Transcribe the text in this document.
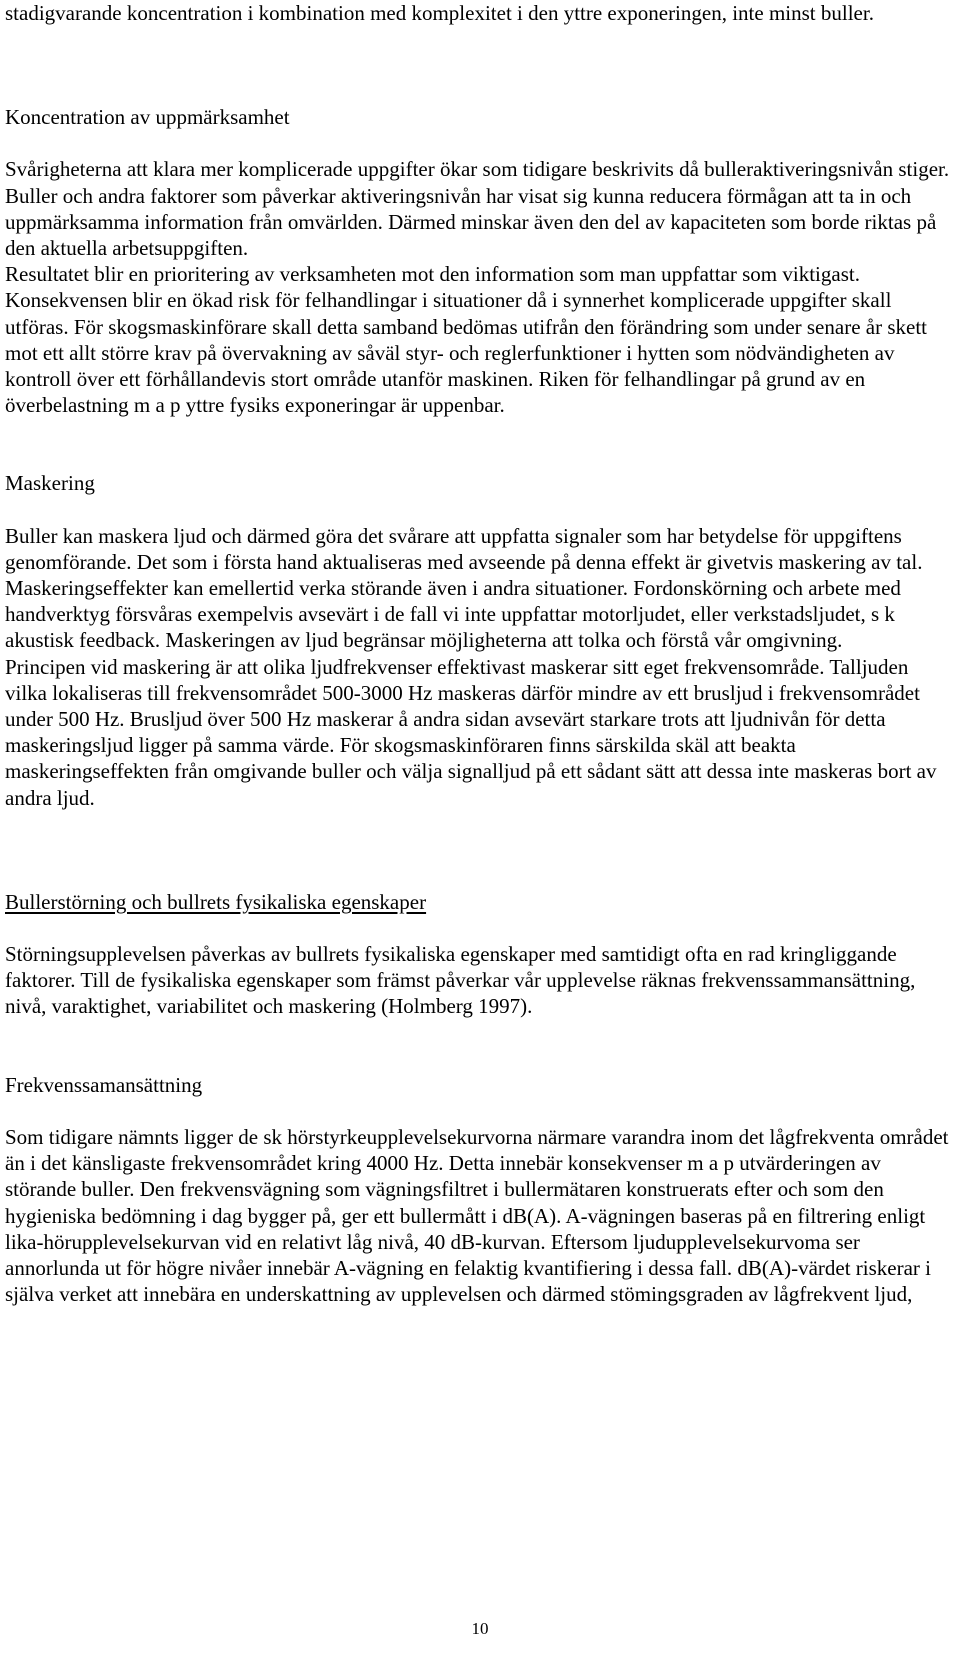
stadigvarande koncentration i kombination med komplexitet i den yttre exponeringen, inte minst buller.

Koncentration av uppmärksamhet

Svårigheterna att klara mer komplicerade uppgifter ökar som tidigare beskrivits då bulleraktiveringsnivån stiger. Buller och andra faktorer som påverkar aktiveringsnivån har visat sig kunna reducera förmågan att ta in och uppmärksamma information från omvärlden. Därmed minskar även den del av kapaciteten som borde riktas på den aktuella arbetsuppgiften.

Resultatet blir en prioritering av verksamheten mot den information som man uppfattar som viktigast. Konsekvensen blir en ökad risk för felhandlingar i situationer då i synnerhet komplicerade uppgifter skall utföras. För skogsmaskinförare skall detta samband bedömas utifrån den förändring som under senare år skett mot ett allt större krav på övervakning av såväl styr- och reglerfunktioner i hytten som nödvändigheten av kontroll över ett förhållandevis stort område utanför maskinen. Riken för felhandlingar på grund av en överbelastning m a p yttre fysiks exponeringar är uppenbar.

Maskering

Buller kan maskera ljud och därmed göra det svårare att uppfatta signaler som har betydelse för uppgiftens genomförande. Det som i första hand aktualiseras med avseende på denna effekt är givetvis maskering av tal. Maskeringseffekter kan emellertid verka störande även i andra situationer. Fordonskörning och arbete med handverktyg försvåras exempelvis avsevärt i de fall vi inte uppfattar motorljudet, eller verkstadsljudet, s k akustisk feedback. Maskeringen av ljud begränsar möjligheterna att tolka och förstå vår omgivning.

Principen vid maskering är att olika ljudfrekvenser effektivast maskerar sitt eget frekvensområde. Talljuden vilka lokaliseras till frekvensområdet 500-3000 Hz maskeras därför mindre av ett brusljud i frekvensområdet under 500 Hz. Brusljud över 500 Hz maskerar å andra sidan avsevärt starkare trots att ljudnivån för detta maskeringsljud ligger på samma värde. För skogsmaskinföraren finns särskilda skäl att beakta maskeringseffekten från omgivande buller och välja signalljud på ett sådant sätt att dessa inte maskeras bort av andra ljud.

Bullerstörning och bullrets fysikaliska egenskaper

Störningsupplevelsen påverkas av bullrets fysikaliska egenskaper med samtidigt ofta en rad kringliggande faktorer. Till de fysikaliska egenskaper som främst påverkar vår upplevelse räknas frekvenssammansättning, nivå, varaktighet, variabilitet och maskering (Holmberg 1997).

Frekvenssamansättning

Som tidigare nämnts ligger de sk hörstyrkeupplevelsekurvorna närmare varandra inom det lågfrekventa området än i det känsligaste frekvensområdet kring 4000 Hz. Detta innebär konsekvenser m a p utvärderingen av störande buller. Den frekvensvägning som vägningsfiltret i bullermätaren konstruerats efter och som den hygieniska bedömning i dag bygger på, ger ett bullermått i dB(A). A-vägningen baseras på en filtrering enligt lika-hörupplevelsekurvan vid en relativt låg nivå, 40 dB-kurvan. Eftersom ljudupplevelsekurvoma ser annorlunda ut för högre nivåer innebär A-vägning en felaktig kvantifiering i dessa fall. dB(A)-värdet riskerar i själva verket att innebära en underskattning av upplevelsen och därmed stömingsgraden av lågfrekvent ljud,

10
